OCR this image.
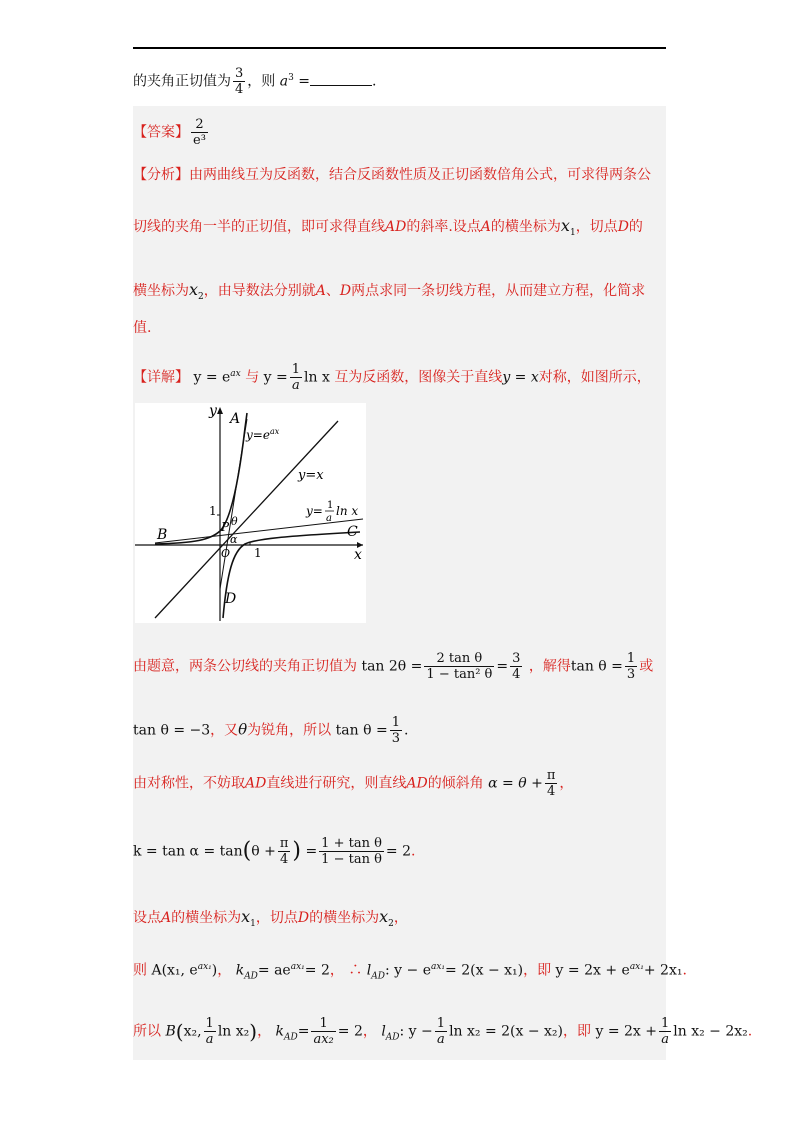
的夹角正切值为 $\frac{3}{4}$ ，则 $a^3$ =	.
【答案】 $\frac{2}{\text{e³}}$
【分析】由两曲线互为反函数，结合反函数性质及正切函数倍角公式，可求得两条公
切线的夹角一半的正切值，即可求得直线AD的斜率.设点A的横坐标为$x_1$，切点D的
横坐标为$x_2$，由导数法分别就A、D两点求同一条切线方程，从而建立方程，化简求
值.
【详解】 $y = e^{ax}$ 与 $y = \frac{1}{a}$ ln x 互为反函数，图像关于直线y = x对称，如图所示，
y
x
A
B	C
D
P θ
α
O
1
1
$y=e^{ax}$
y=x
y= 1
a
ln x
由题意，两条公切线的夹角正切值为 $\tan 2\theta = \frac{\text{2 tan θ}}{\text{1 − tan² θ}} = \frac{3}{4}$ ，解得$\tan \theta = \frac{1}{3}$ 或
tan θ = −3，又θ为锐角，所以 $\tan \theta = \frac{1}{3}$ .
由对称性，不妨取AD直线进行研究，则直线AD的倾斜角 $\alpha = \theta + \frac{\pi}{4}$ ，
$k = \tan \alpha = \tan(\theta + \frac{\pi}{4}$ ) = $\frac{\text{1 + tan θ}}{\text{1 − tan θ}} = 2$.
设点A的横坐标为$x_1$，切点D的横坐标为$x_2$，
则 A(x₁, $e^{ax_1}$)， $k_{AD}= ae^{ax_1}= 2$， ∴ $l_{AD}$: $y - e^{ax_1}= 2(x - x_1)$，即 $y = 2x + e^{ax_1}+ 2x_1$.
所以 B(x₂, $\frac{1}{a}$ ln x₂)， $k_{AD}= \frac{1}{\text{ax₂}} = 2$， $l_{AD}$: $y - \frac{1}{a}$ ln x₂ = 2(x − x₂)，即 $y = 2x + \frac{1}{a}$ ln x₂ − 2x₂.
